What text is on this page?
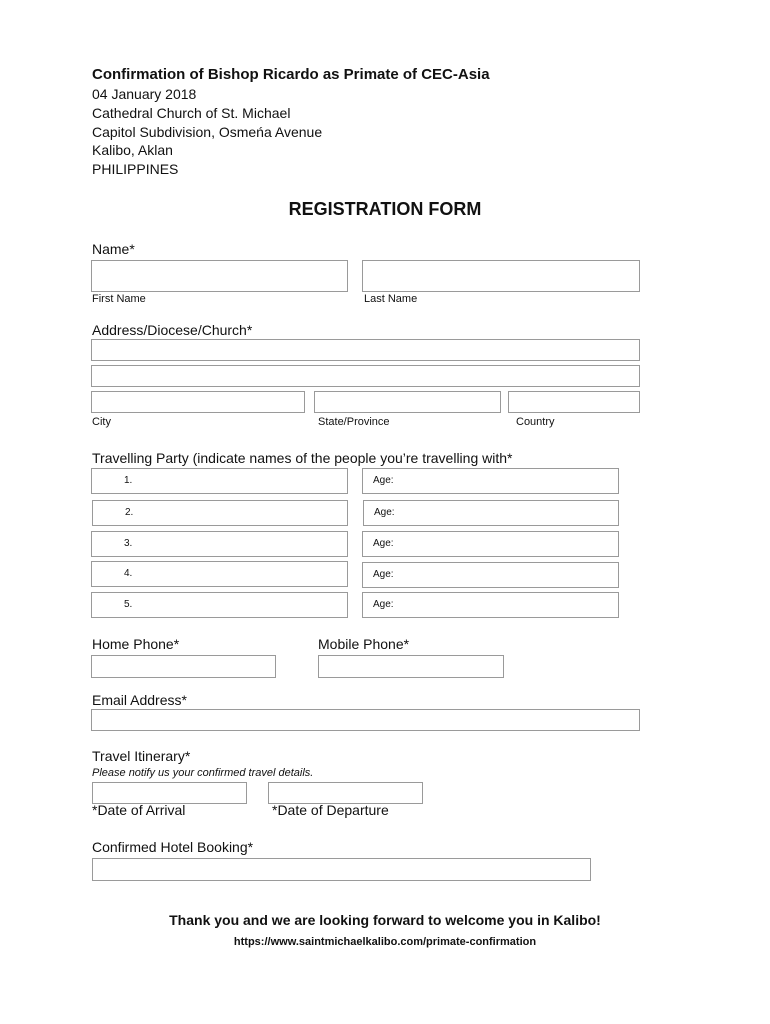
Confirmation of Bishop Ricardo as Primate of CEC-Asia
04 January 2018
Cathedral Church of St. Michael
Capitol Subdivision, Osmeńa Avenue
Kalibo, Aklan
PHILIPPINES
REGISTRATION FORM
Name*
First Name	Last Name
Address/Diocese/Church*
City	State/Province	Country
Travelling Party (indicate names of the people you’re travelling with*
1.	Age:
2.	Age:
3.	Age:
4.	Age:
5.	Age:
Home Phone*	Mobile Phone*
Email Address*
Travel Itinerary*
Please notify us your confirmed travel details.
*Date of Arrival	*Date of Departure
Confirmed Hotel Booking*
Thank you and we are looking forward to welcome you in Kalibo!
https://www.saintmichaelkalibo.com/primate-confirmation
